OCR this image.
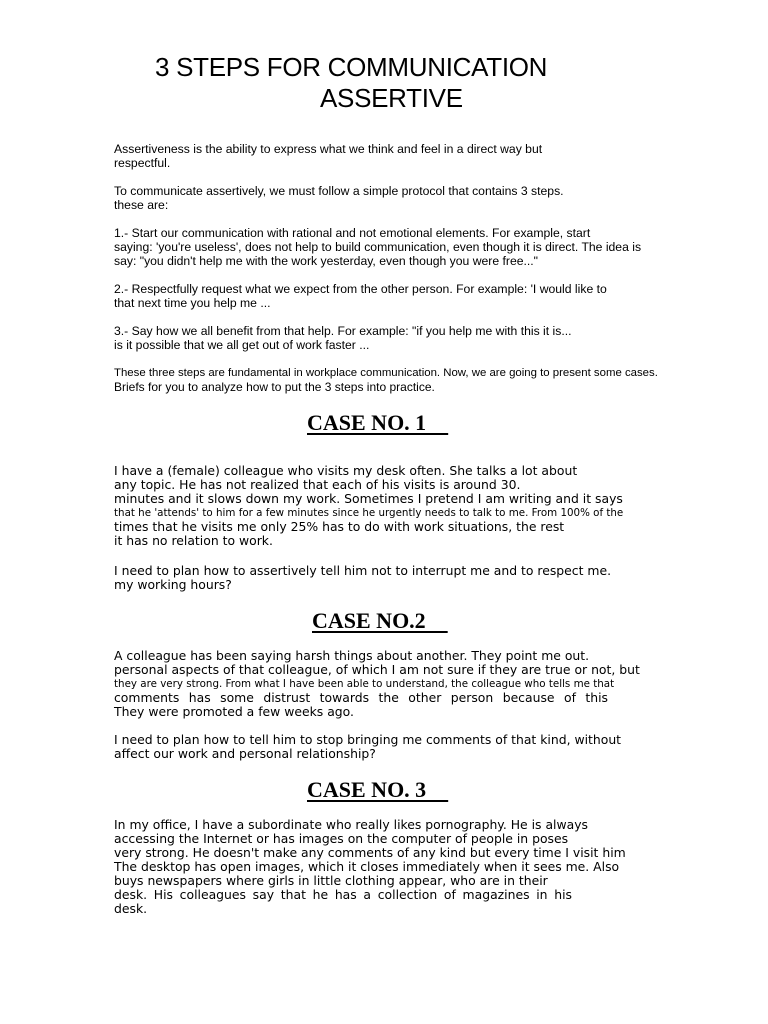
3 STEPS FOR COMMUNICATION
ASSERTIVE

Assertiveness is the ability to express what we think and feel in a direct way but

respectful.

To communicate assertively, we must follow a simple protocol that contains 3 steps.

these are:

1.- Start our communication with rational and not emotional elements. For example, start

saying: 'you're useless', does not help to build communication, even though it is direct. The idea is

say: "you didn't help me with the work yesterday, even though you were free..."

2.- Respectfully request what we expect from the other person. For example: 'I would like to

that next time you help me ...

3.- Say how we all benefit from that help. For example: "if you help me with this it is...

is it possible that we all get out of work faster ...

These three steps are fundamental in workplace communication. Now, we are going to present some cases.

Briefs for you to analyze how to put the 3 steps into practice.

CASE NO. 1

I have a (female) colleague who visits my desk often. She talks a lot about

any topic. He has not realized that each of his visits is around 30.

minutes and it slows down my work. Sometimes I pretend I am writing and it says

that he 'attends' to him for a few minutes since he urgently needs to talk to me. From 100% of the

times that he visits me only 25% has to do with work situations, the rest

it has no relation to work.

I need to plan how to assertively tell him not to interrupt me and to respect me.

my working hours?

CASE NO.2

A colleague has been saying harsh things about another. They point me out.

personal aspects of that colleague, of which I am not sure if they are true or not, but

they are very strong. From what I have been able to understand, the colleague who tells me that

comments has some distrust towards the other person because of this

They were promoted a few weeks ago.

I need to plan how to tell him to stop bringing me comments of that kind, without

affect our work and personal relationship?

CASE NO. 3

In my office, I have a subordinate who really likes pornography. He is always

accessing the Internet or has images on the computer of people in poses

very strong. He doesn't make any comments of any kind but every time I visit him

The desktop has open images, which it closes immediately when it sees me. Also

buys newspapers where girls in little clothing appear, who are in their

desk. His colleagues say that he has a collection of magazines in his

desk.
